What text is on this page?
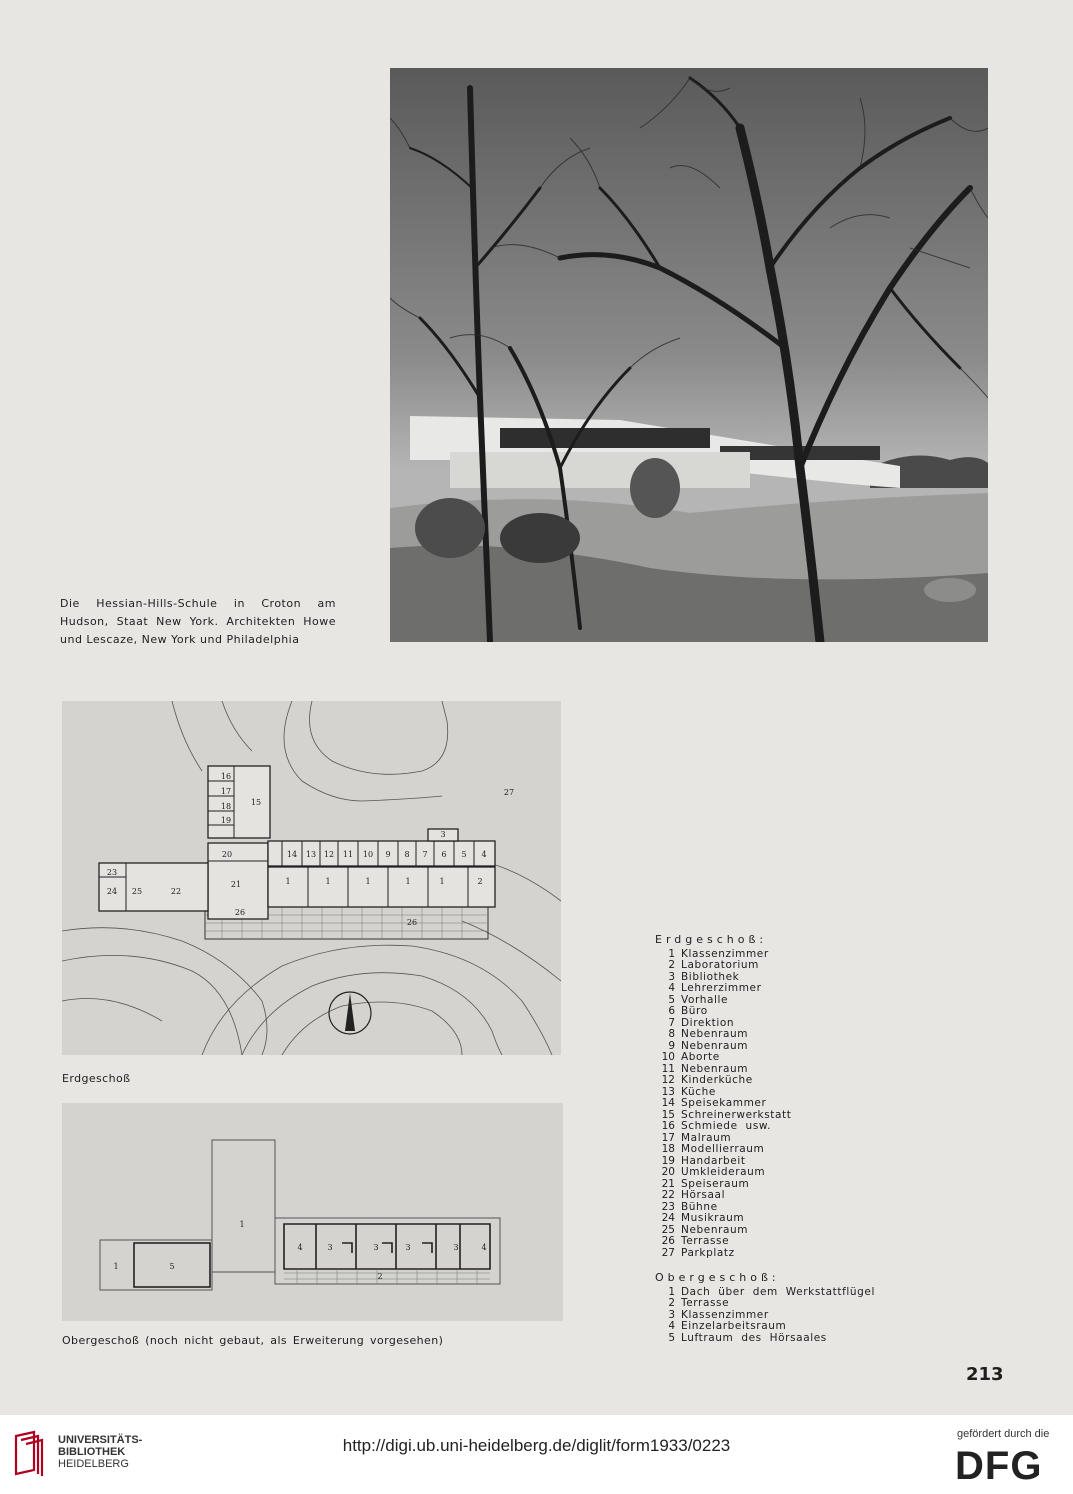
Die Hessian-Hills-Schule in Croton am Hudson, Staat New York. Architekten Howe und Lescaze, New York und Philadelphia
16
17
18
19
15
27
20
21
14 13 12 11 10 9 8 7 6 5 4
3
23
24 25	22
1	1	1	1	1	2
26
26
Erdgeschoß
1
1	5
4	3	3	3	3	4
2
Obergeschoß (noch nicht gebaut, als Erweiterung vorgesehen)
Erdgeschoß:
1 Klassenzimmer
2 Laboratorium
3 Bibliothek
4 Lehrerzimmer
5 Vorhalle
6 Büro
7 Direktion
8 Nebenraum
9 Nebenraum
10 Aborte
11 Nebenraum
12 Kinderküche
13 Küche
14 Speisekammer
15 Schreinerwerkstatt
16 Schmiede usw.
17 Malraum
18 Modellierraum
19 Handarbeit
20 Umkleideraum
21 Speiseraum
22 Hörsaal
23 Bühne
24 Musikraum
25 Nebenraum
26 Terrasse
27 Parkplatz
Obergeschoß:
1 Dach über dem Werkstattflügel
2 Terrasse
3 Klassenzimmer
4 Einzelarbeitsraum
5 Luftraum des Hörsaales
213
UNIVERSITÄTS-
BIBLIOTHEK
HEIDELBERG
http://digi.ub.uni-heidelberg.de/diglit/form1933/0223
gefördert durch die
DFG
